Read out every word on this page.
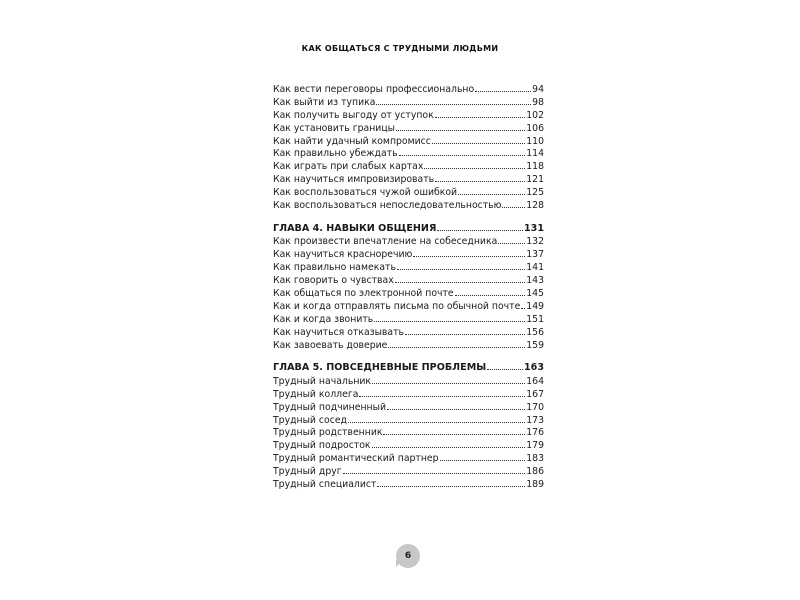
КАК ОБЩАТЬСЯ С ТРУДНЫМИ ЛЮДЬМИ
Как вести переговоры профессионально	94
Как выйти из тупика	98
Как получить выгоду от уступок	102
Как установить границы	106
Как найти удачный компромисс	110
Как правильно убеждать	114
Как играть при слабых картах	118
Как научиться импровизировать	121
Как воспользоваться чужой ошибкой	125
Как воспользоваться непоследовательностью	128
ГЛАВА 4. НАВЫКИ ОБЩЕНИЯ	131
Как произвести впечатление на собеседника	132
Как научиться красноречию	137
Как правильно намекать	141
Как говорить о чувствах	143
Как общаться по электронной почте	145
Как и когда отправлять письма по обычной почте 149
Как и когда звонить	151
Как научиться отказывать	156
Как завоевать доверие	159
ГЛАВА 5. ПОВСЕДНЕВНЫЕ ПРОБЛЕМЫ	163
Трудный начальник	164
Трудный коллега	167
Трудный подчиненный	170
Трудный сосед	173
Трудный родственник	176
Трудный подросток	179
Трудный романтический партнер	183
Трудный друг	186
Трудный специалист	189
6
